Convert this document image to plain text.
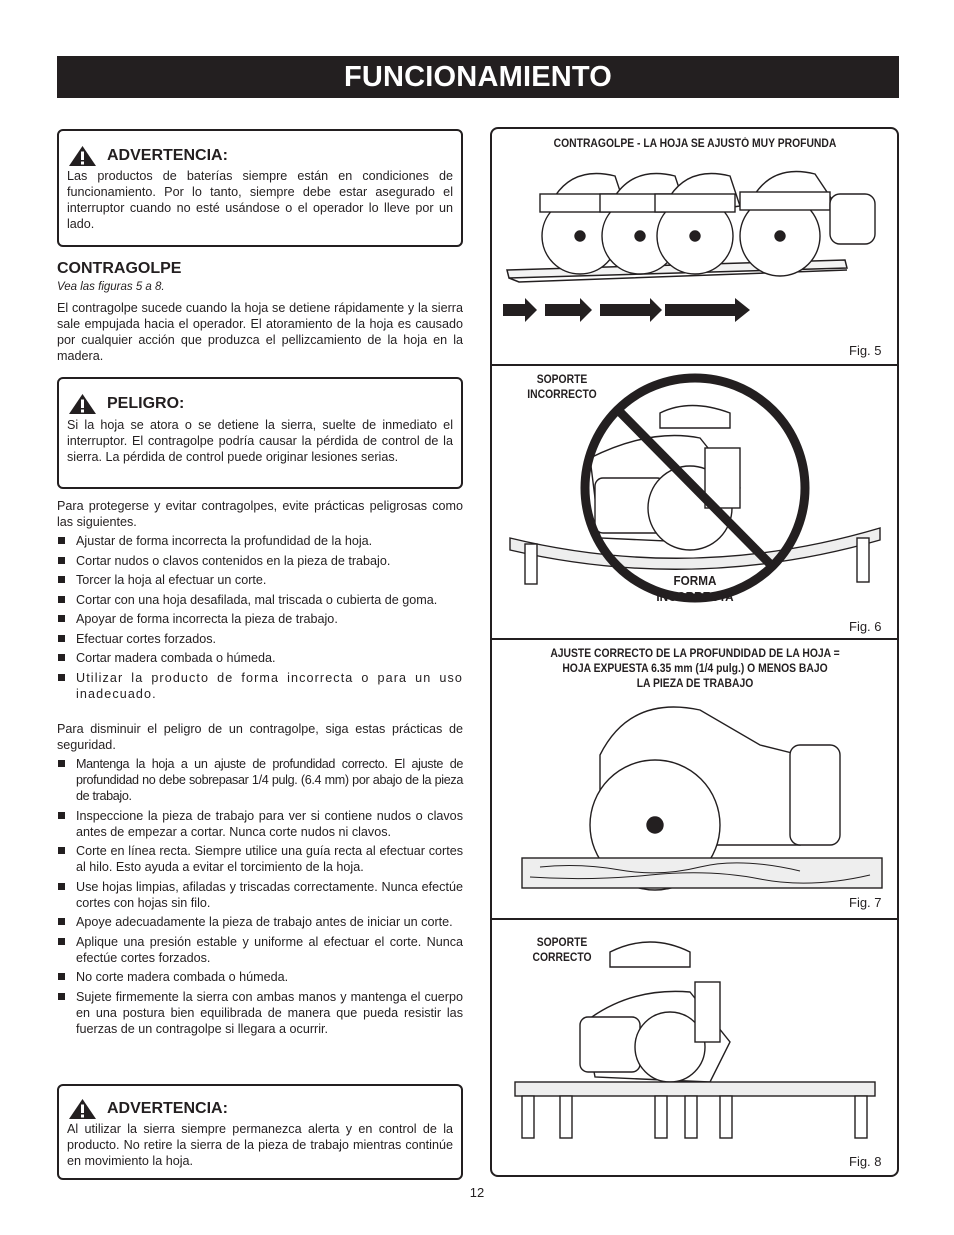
FUNCIONAMIENTO
ADVERTENCIA:
Las productos de baterías siempre están en condiciones de funcionamiento. Por lo tanto, siempre debe estar asegurado el interruptor cuando no esté usándose o el operador lo lleve por un lado.
CONTRAGOLPE
Vea las figuras 5 a 8.
El contragolpe sucede cuando la hoja se detiene rápidamente y la sierra sale empujada hacia el operador. El atoramiento de la hoja es causado por cualquier acción que produzca el pellizcamiento de la hoja en la madera.
PELIGRO:
Si la hoja se atora o se detiene la sierra, suelte de inmediato el interruptor. El contragolpe podría causar la pérdida de control de la sierra. La pérdida de control puede originar lesiones serias.
Para protegerse y evitar contragolpes, evite prácticas peligrosas como las siguientes.
Ajustar de forma incorrecta la profundidad de la hoja.
Cortar nudos o clavos contenidos en la pieza de trabajo.
Torcer la hoja al efectuar un corte.
Cortar con una hoja desafilada, mal triscada o cubierta de goma.
Apoyar de forma incorrecta la pieza de trabajo.
Efectuar cortes forzados.
Cortar madera combada o húmeda.
Utilizar la producto de forma incorrecta o para un uso inadecuado.
Para disminuir el peligro de un contragolpe, siga estas prácticas de seguridad.
Mantenga la hoja a un ajuste de profundidad correcto. El ajuste de profundidad no debe sobrepasar 1/4 pulg. (6.4 mm) por abajo de la pieza de trabajo.
Inspeccione la pieza de trabajo para ver si contiene nudos o clavos antes de empezar a cortar. Nunca corte nudos ni clavos.
Corte en línea recta. Siempre utilice una guía recta al efectuar cortes al hilo. Esto ayuda a evitar el torcimiento de la hoja.
Use hojas limpias, afiladas y triscadas correctamente. Nunca efectúe cortes con hojas sin filo.
Apoye adecuadamente la pieza de trabajo antes de iniciar un corte.
Aplique una presión estable y uniforme al efectuar el corte. Nunca efectúe cortes forzados.
No corte madera combada o húmeda.
Sujete firmemente la sierra con ambas manos y mantenga el cuerpo en una postura bien equilibrada de manera que pueda resistir las fuerzas de un contragolpe si llegara a ocurrir.
ADVERTENCIA:
Al utilizar la sierra siempre permanezca alerta y en control de la producto. No retire la sierra de la pieza de trabajo mientras continúe en movimiento la hoja.
CONTRAGOLPE - LA HOJA SE AJUSTÓ MUY PROFUNDA
Fig. 5
SOPORTE
INCORRECTO
FORMA
INCORRECTA
Fig. 6
AJUSTE CORRECTO DE LA PROFUNDIDAD DE LA HOJA =
HOJA EXPUESTA 6.35 mm (1/4 pulg.) O MENOS BAJO
LA PIEZA DE TRABAJO
Fig. 7
SOPORTE
CORRECTO
Fig. 8
12
